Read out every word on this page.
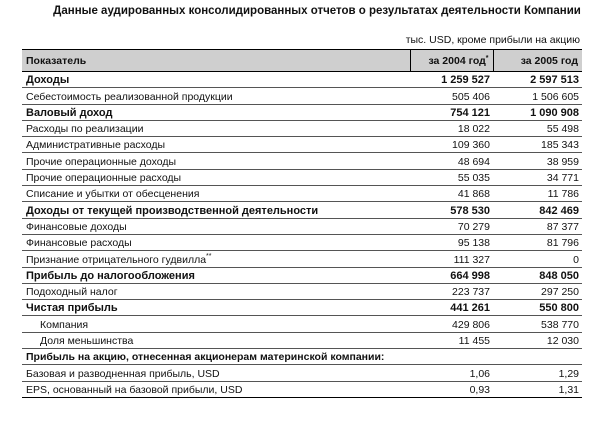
Данные аудированных консолидированных отчетов о результатах деятельности Компании
тыс. USD, кроме прибыли на акцию
Показатель	за 2004 год*	за 2005 год
Доходы	1 259 527	2 597 513
Себестоимость реализованной продукции	505 406	1 506 605
Валовый доход	754 121	1 090 908
Расходы по реализации	18 022	55 498
Административные расходы	109 360	185 343
Прочие операционные доходы	48 694	38 959
Прочие операционные расходы	55 035	34 771
Списание и убытки от обесценения	41 868	11 786
Доходы от текущей производственной деятельности	578 530	842 469
Финансовые доходы	70 279	87 377
Финансовые расходы	95 138	81 796
Признание отрицательного гудвилла**	111 327	0
Прибыль до налогообложения	664 998	848 050
Подоходный налог	223 737	297 250
Чистая прибыль	441 261	550 800
Компания	429 806	538 770
Доля меньшинства	11 455	12 030
Прибыль на акцию, отнесенная акционерам материнской компании:		
Базовая и разводненная прибыль, USD	1,06	1,29
EPS, основанный на базовой прибыли, USD	0,93	1,31
